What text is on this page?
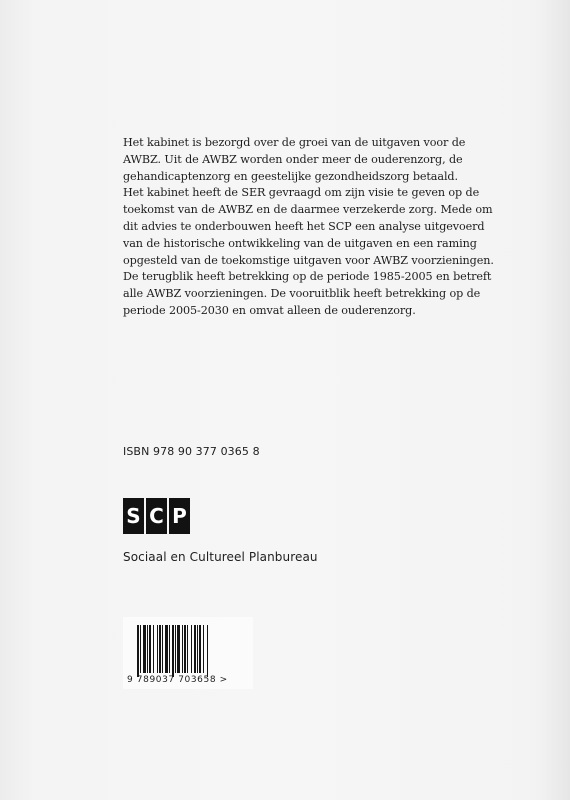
Het kabinet is bezorgd over de groei van de uitgaven voor de
AWBZ. Uit de AWBZ worden onder meer de ouderenzorg, de
gehandicaptenzorg en geestelijke gezondheidszorg betaald.
Het kabinet heeft de SER gevraagd om zijn visie te geven op de
toekomst van de AWBZ en de daarmee verzekerde zorg. Mede om
dit advies te onderbouwen heeft het SCP een analyse uitgevoerd
van de historische ontwikkeling van de uitgaven en een raming
opgesteld van de toekomstige uitgaven voor AWBZ voorzieningen.
De terugblik heeft betrekking op de periode 1985-2005 en betreft
alle AWBZ voorzieningen. De vooruitblik heeft betrekking op de
periode 2005-2030 en omvat alleen de ouderenzorg.

ISBN 978 90 377 0365 8
S C P
Sociaal en Cultureel Planbureau
9 789037 703658 >
